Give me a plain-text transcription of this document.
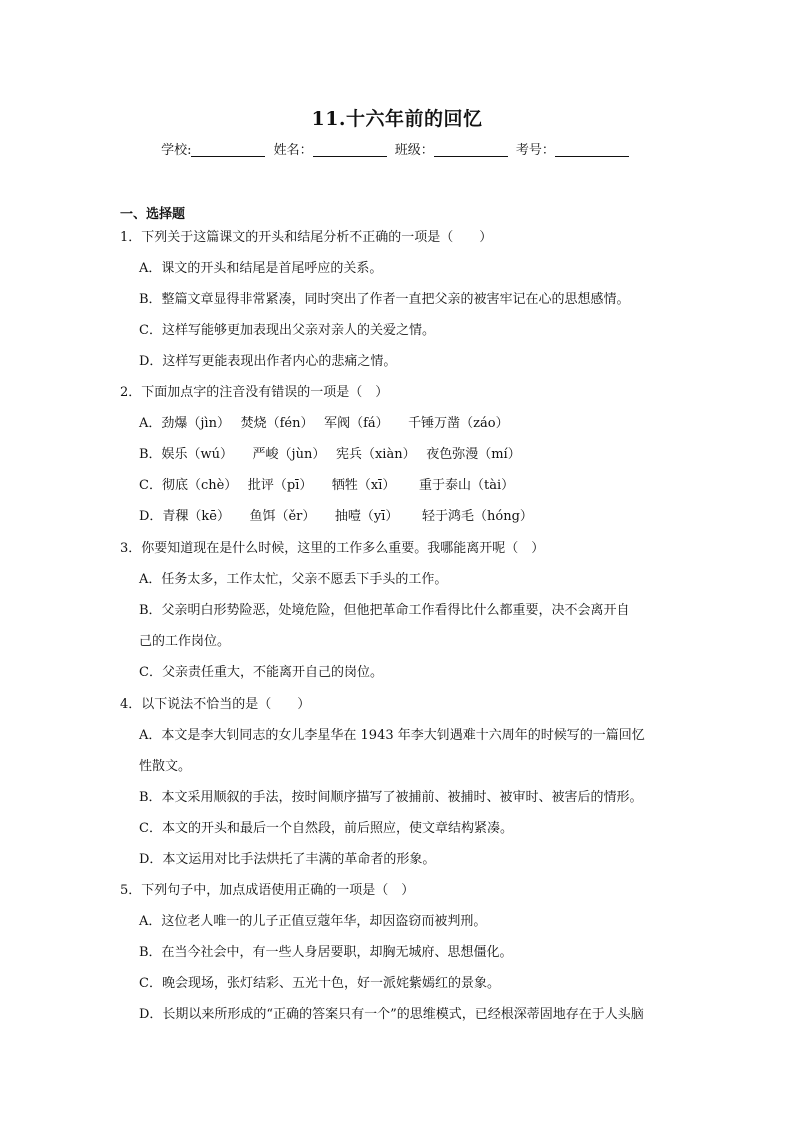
11.十六年前的回忆
学校:	姓名：	班级：	考号：
一、选择题
1．下列关于这篇课文的开头和结尾分析不正确的一项是（　　）
A．课文的开头和结尾是首尾呼应的关系。
B．整篇文章显得非常紧凑，同时突出了作者一直把父亲的被害牢记在心的思想感情。
C．这样写能够更加表现出父亲对亲人的关爱之情。
D．这样写更能表现出作者内心的悲痛之情。
2．下面加点字的注音没有错误的一项是（　）
A．劲爆（jìn）　 焚烧（fén）　 军阀（fá）　　千锤万凿（záo）
B．娱乐（wú）　　严峻（jùn）　 宪兵（xiàn）　 夜色弥漫（mí）
C．彻底（chè）　 批评（pī）　　牺牲（xī）　　 重于泰山（tài）
D．青稞（kē）　　鱼饵（ěr）　　抽噎（yī）　　 轻于鸿毛（hóng）
3．你要知道现在是什么时候，这里的工作多么重要。我哪能离开呢（　）
A．任务太多，工作太忙，父亲不愿丢下手头的工作。
B．父亲明白形势险恶，处境危险，但他把革命工作看得比什么都重要，决不会离开自
己的工作岗位。
C．父亲责任重大，不能离开自己的岗位。
4．以下说法不恰当的是（　　）
A．本文是李大钊同志的女儿李星华在 1943 年李大钊遇难十六周年的时候写的一篇回忆
性散文。
B．本文采用顺叙的手法，按时间顺序描写了被捕前、被捕时、被审时、被害后的情形。
C．本文的开头和最后一个自然段，前后照应，使文章结构紧凑。
D．本文运用对比手法烘托了丰满的革命者的形象。
5．下列句子中，加点成语使用正确的一项是（　）
A．这位老人唯一的儿子正值豆蔻年华，却因盗窃而被判刑。
B．在当今社会中，有一些人身居要职，却胸无城府、思想僵化。
C．晚会现场，张灯结彩、五光十色，好一派姹紫嫣红的景象。
D．长期以来所形成的“正确的答案只有一个”的思维模式，已经根深蒂固地存在于人头脑
